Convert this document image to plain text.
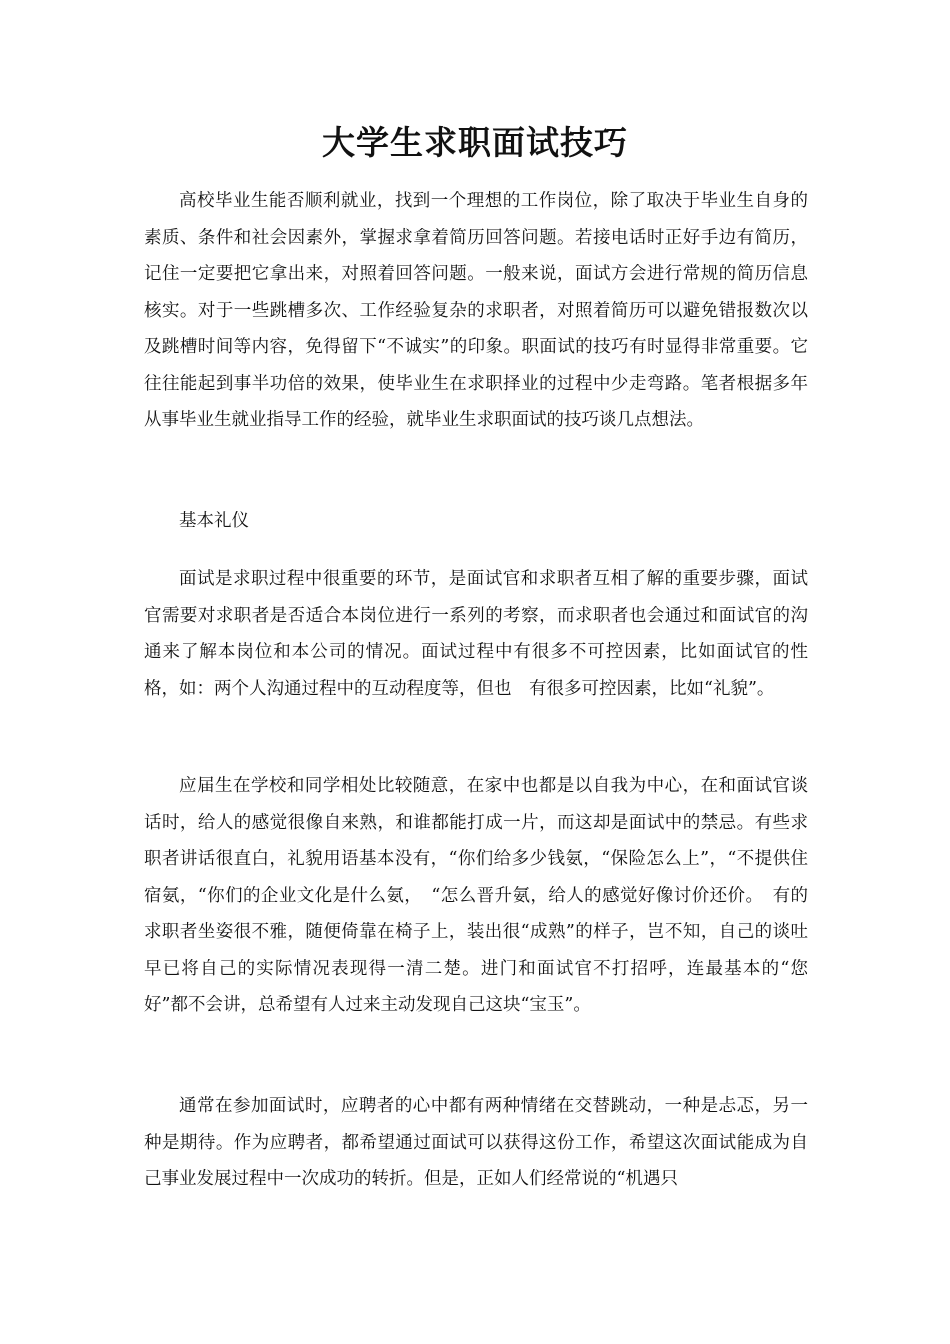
大学生求职面试技巧

高校毕业生能否顺利就业，找到一个理想的工作岗位，除了取决于毕业生自身的素质、条件和社会因素外，掌握求拿着简历回答问题。若接电话时正好手边有简历，记住一定要把它拿出来，对照着回答问题。一般来说，面试方会进行常规的简历信息核实。对于一些跳槽多次、工作经验复杂的求职者，对照着简历可以避免错报数次以及跳槽时间等内容，免得留下“不诚实”的印象。职面试的技巧有时显得非常重要。它往往能起到事半功倍的效果，使毕业生在求职择业的过程中少走弯路。笔者根据多年从事毕业生就业指导工作的经验，就毕业生求职面试的技巧谈几点想法。

基本礼仪

面试是求职过程中很重要的环节，是面试官和求职者互相了解的重要步骤，面试官需要对求职者是否适合本岗位进行一系列的考察，而求职者也会通过和面试官的沟通来了解本岗位和本公司的情况。面试过程中有很多不可控因素，比如面试官的性格，如：两个人沟通过程中的互动程度等，但也　有很多可控因素，比如“礼貌”。

应届生在学校和同学相处比较随意，在家中也都是以自我为中心，在和面试官谈话时，给人的感觉很像自来熟，和谁都能打成一片，而这却是面试中的禁忌。有些求职者讲话很直白，礼貌用语基本没有，“你们给多少钱氨，“保险怎么上”，“不提供住宿氨，“你们的企业文化是什么氨，　“怎么晋升氨，给人的感觉好像讨价还价。　有的求职者坐姿很不雅，随便倚靠在椅子上，装出很“成熟”的样子，岂不知，自己的谈吐早已将自己的实际情况表现得一清二楚。进门和面试官不打招呼，连最基本的“您好”都不会讲，总希望有人过来主动发现自己这块“宝玉”。

通常在参加面试时，应聘者的心中都有两种情绪在交替跳动，一种是忐忑，另一种是期待。作为应聘者，都希望通过面试可以获得这份工作，希望这次面试能成为自己事业发展过程中一次成功的转折。但是，正如人们经常说的“机遇只
